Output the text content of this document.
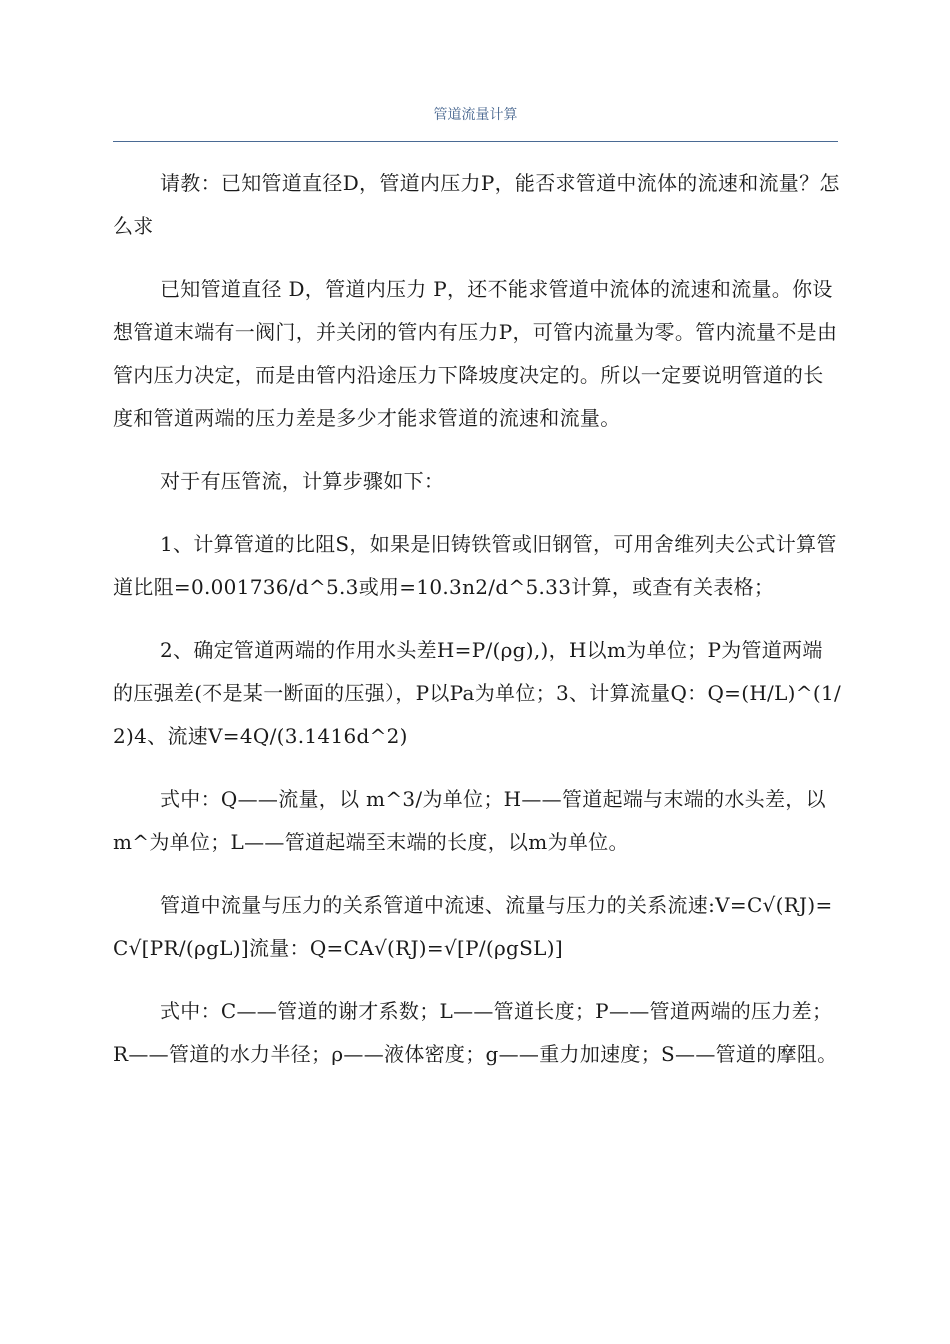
管道流量计算

请教：已知管道直径D，管道内压力P，能否求管道中流体的流速和流量？怎么求

已知管道直径 D，管道内压力 P，还不能求管道中流体的流速和流量。你设想管道末端有一阀门，并关闭的管内有压力P，可管内流量为零。管内流量不是由管内压力决定，而是由管内沿途压力下降坡度决定的。所以一定要说明管道的长度和管道两端的压力差是多少才能求管道的流速和流量。

对于有压管流，计算步骤如下：

1、计算管道的比阻S，如果是旧铸铁管或旧钢管，可用舍维列夫公式计算管道比阻=0.001736/d^5.3或用=10.3n2/d^5.33计算，或查有关表格；

2、确定管道两端的作用水头差H=P/(ρg),)，H以m为单位；P为管道两端的压强差(不是某一断面的压强），P以Pa为单位；3、计算流量Q：Q=(H/L)^(1/2)4、流速V=4Q/(3.1416d^2)

式中：Q——流量，以 m^3/为单位；H——管道起端与末端的水头差，以m^为单位；L——管道起端至末端的长度，以m为单位。

管道中流量与压力的关系管道中流速、流量与压力的关系流速:V=C√(RJ)=C√[PR/(ρgL)]流量：Q=CA√(RJ)=√[P/(ρgSL)]

式中：C——管道的谢才系数；L——管道长度；P——管道两端的压力差；R——管道的水力半径；ρ——液体密度；g——重力加速度；S——管道的摩阻。
